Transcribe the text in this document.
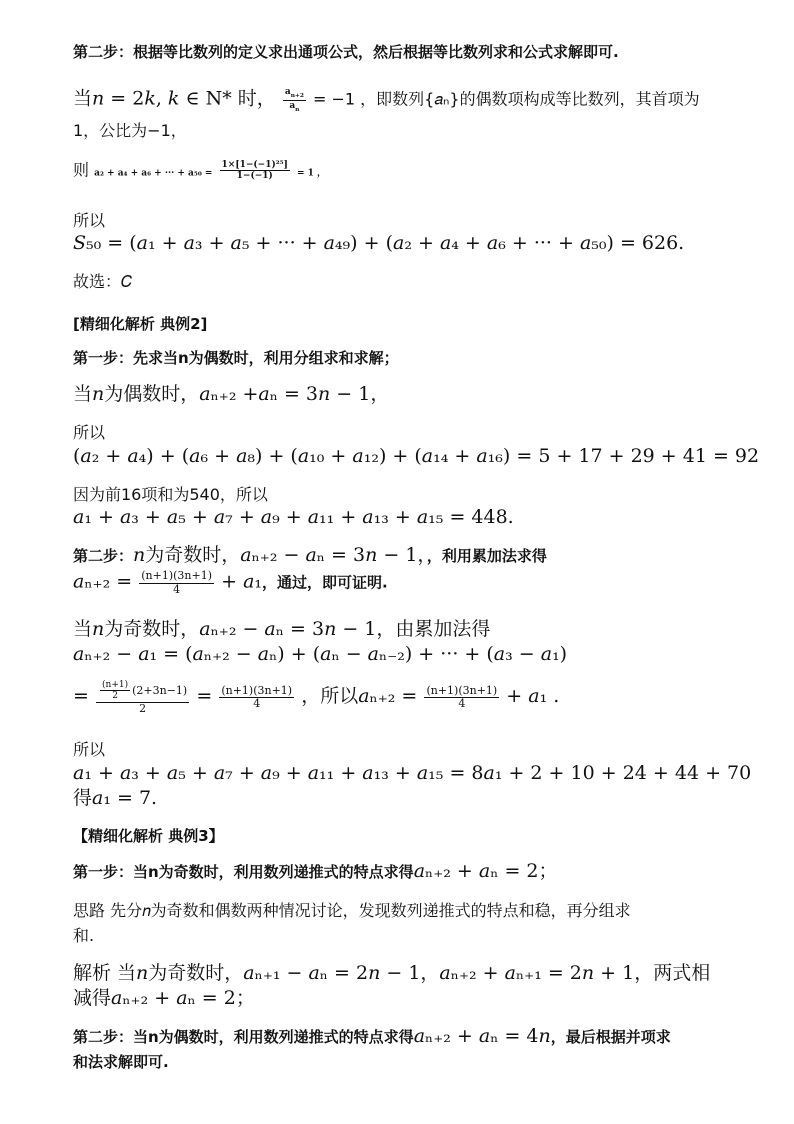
第二步：根据等比数列的定义求出通项公式，然后根据等比数列求和公式求解即可.
当𝑛 = 2𝑘, 𝑘 ∈ N* 时， $\frac{a_{n+2}}{a_n} = -1$ ，即数列{𝑎ₙ}的偶数项构成等比数列，其首项为
1，公比为−1，
则 a₂ + a₄ + a₆ + ··· + $a_{50} = \frac{\text{1×[1−(−1)²⁵]}}{1-(-1)} = 1$ ，
所以
𝑆₅₀ = (𝑎₁ + 𝑎₃ + 𝑎₅ + ··· + 𝑎₄₉) + (𝑎₂ + 𝑎₄ + 𝑎₆ + ··· + 𝑎₅₀) = 626.
故选：𝐶
[精细化解析 典例2]
第一步：先求当n为偶数时，利用分组求和求解；
当𝑛为偶数时，𝑎ₙ₊₂ +𝑎ₙ = 3𝑛 − 1，
所以
(𝑎₂ + 𝑎₄) + (𝑎₆ + 𝑎₈) + (𝑎₁₀ + 𝑎₁₂) + (𝑎₁₄ + 𝑎₁₆) = 5 + 17 + 29 + 41 = 92
因为前16项和为540，所以
𝑎₁ + 𝑎₃ + 𝑎₅ + 𝑎₇ + 𝑎₉ + 𝑎₁₁ + 𝑎₁₃ + 𝑎₁₅ = 448.
第二步：𝑛为奇数时，𝑎ₙ₊₂ − 𝑎ₙ = 3𝑛 − 1，，利用累加法求得
𝑎ₙ₊₂ = $\frac{(n+1)(3n+1)}{4}$ + 𝑎₁，通过，即可证明.
当𝑛为奇数时，𝑎ₙ₊₂ − 𝑎ₙ = 3𝑛 − 1，由累加法得
𝑎ₙ₊₂ − 𝑎₁ = (𝑎ₙ₊₂ − 𝑎ₙ) + (𝑎ₙ − 𝑎ₙ₋₂) + ··· + (𝑎₃ − 𝑎₁)
= $\frac{\frac{(n+1)}{2} (2+3n-1)}{2} = \frac{(n+1)(3n+1)}{4}$ ，所以𝑎ₙ₊₂ = $\frac{(n+1)(3n+1)}{4}$ + 𝑎₁ .
所以
𝑎₁ + 𝑎₃ + 𝑎₅ + 𝑎₇ + 𝑎₉ + 𝑎₁₁ + 𝑎₁₃ + 𝑎₁₅ = 8𝑎₁ + 2 + 10 + 24 + 44 + 70
得𝑎₁ = 7.
【精细化解析 典例3】
第一步：当n为奇数时，利用数列递推式的特点求得𝑎ₙ₊₂ + 𝑎ₙ = 2；
思路 先分𝑛为奇数和偶数两种情况讨论，发现数列递推式的特点和稳，再分组求
和.
解析 当𝑛为奇数时，𝑎ₙ₊₁ − 𝑎ₙ = 2𝑛 − 1，𝑎ₙ₊₂ + 𝑎ₙ₊₁ = 2𝑛 + 1，两式相
减得𝑎ₙ₊₂ + 𝑎ₙ = 2；
第二步：当n为偶数时，利用数列递推式的特点求得𝑎ₙ₊₂ + 𝑎ₙ = 4𝑛，最后根据并项求
和法求解即可.
